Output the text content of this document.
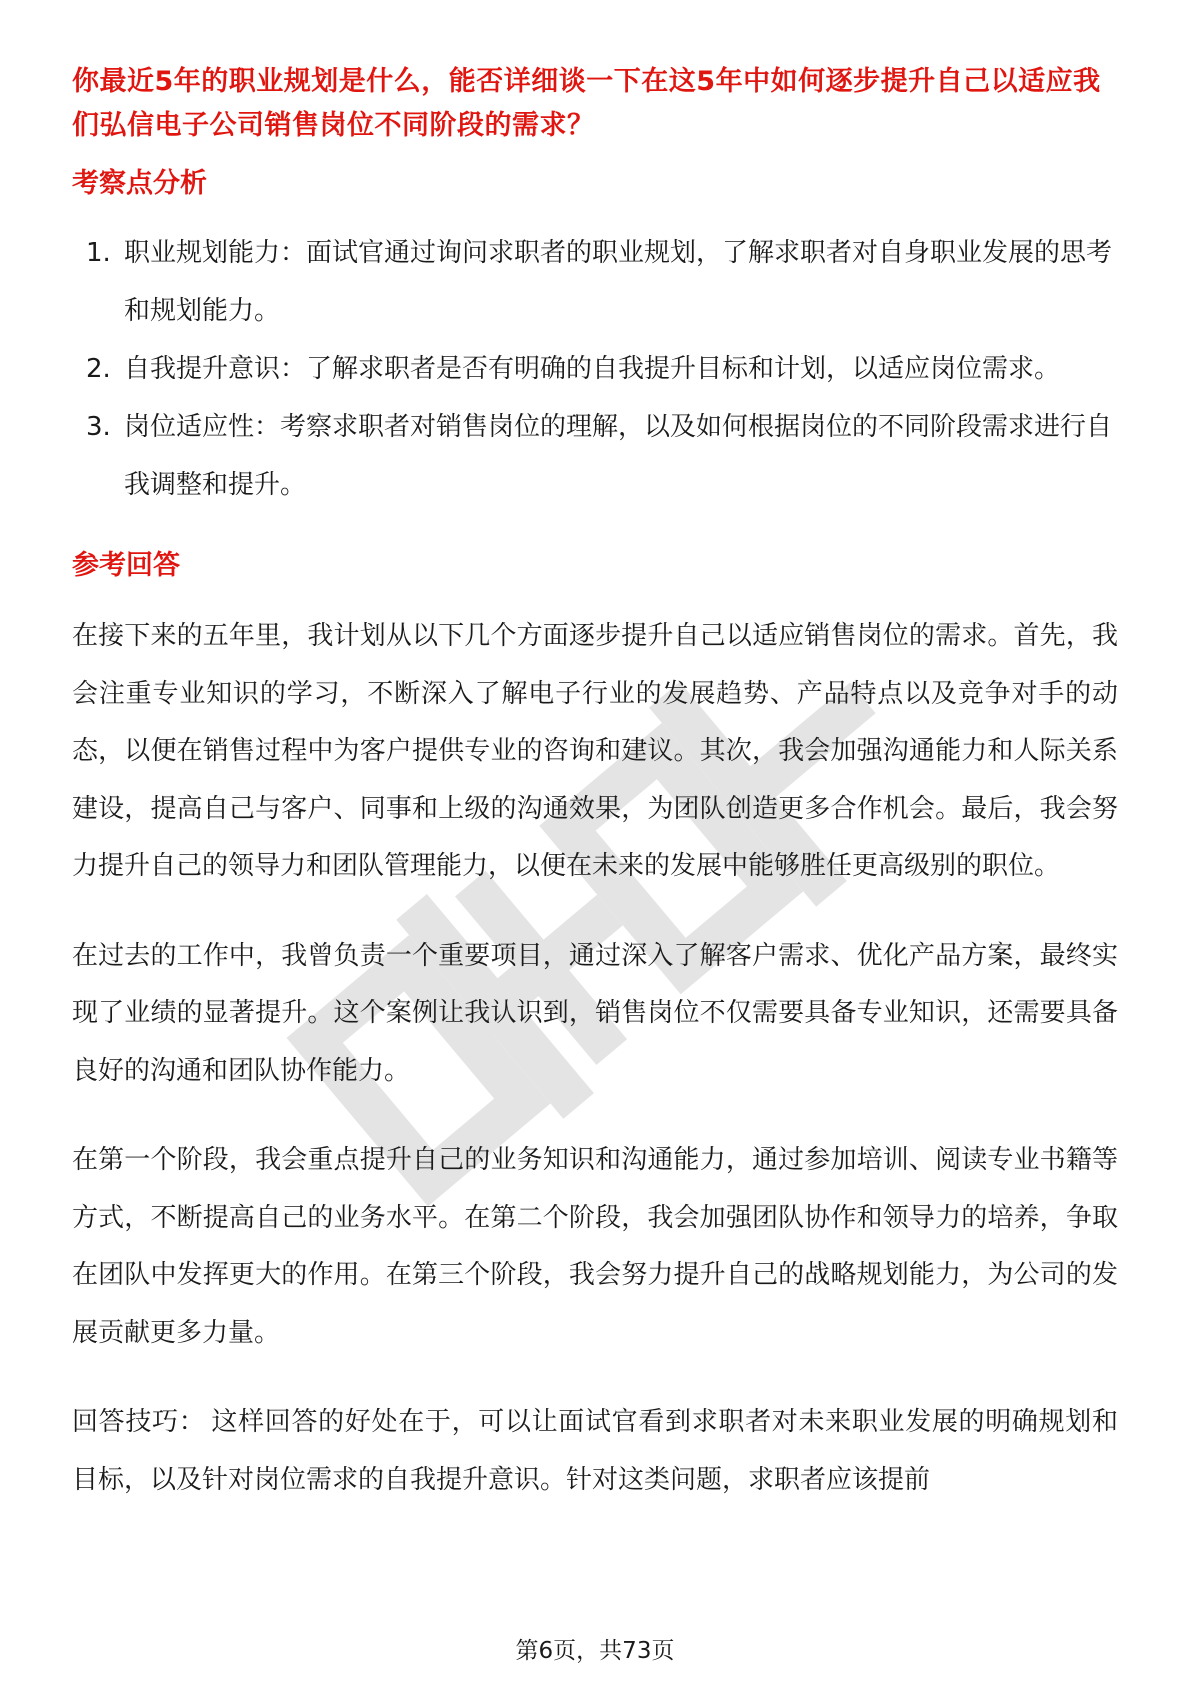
你最近5年的职业规划是什么，能否详细谈一下在这5年中如何逐步提升自己以适应我们弘信电子公司销售岗位不同阶段的需求？

考察点分析
1. 职业规划能力：面试官通过询问求职者的职业规划，了解求职者对自身职业发展的思考和规划能力。
2. 自我提升意识：了解求职者是否有明确的自我提升目标和计划，以适应岗位需求。
3. 岗位适应性：考察求职者对销售岗位的理解，以及如何根据岗位的不同阶段需求进行自我调整和提升。
参考回答

在接下来的五年里，我计划从以下几个方面逐步提升自己以适应销售岗位的需求。首先，我会注重专业知识的学习，不断深入了解电子行业的发展趋势、产品特点以及竞争对手的动态，以便在销售过程中为客户提供专业的咨询和建议。其次，我会加强沟通能力和人际关系建设，提高自己与客户、同事和上级的沟通效果，为团队创造更多合作机会。最后，我会努力提升自己的领导力和团队管理能力，以便在未来的发展中能够胜任更高级别的职位。

在过去的工作中，我曾负责一个重要项目，通过深入了解客户需求、优化产品方案，最终实现了业绩的显著提升。这个案例让我认识到，销售岗位不仅需要具备专业知识，还需要具备良好的沟通和团队协作能力。

在第一个阶段，我会重点提升自己的业务知识和沟通能力，通过参加培训、阅读专业书籍等方式，不断提高自己的业务水平。在第二个阶段，我会加强团队协作和领导力的培养，争取在团队中发挥更大的作用。在第三个阶段，我会努力提升自己的战略规划能力，为公司的发展贡献更多力量。

回答技巧： 这样回答的好处在于，可以让面试官看到求职者对未来职业发展的明确规划和目标，以及针对岗位需求的自我提升意识。针对这类问题，求职者应该提前

第6页，共73页
